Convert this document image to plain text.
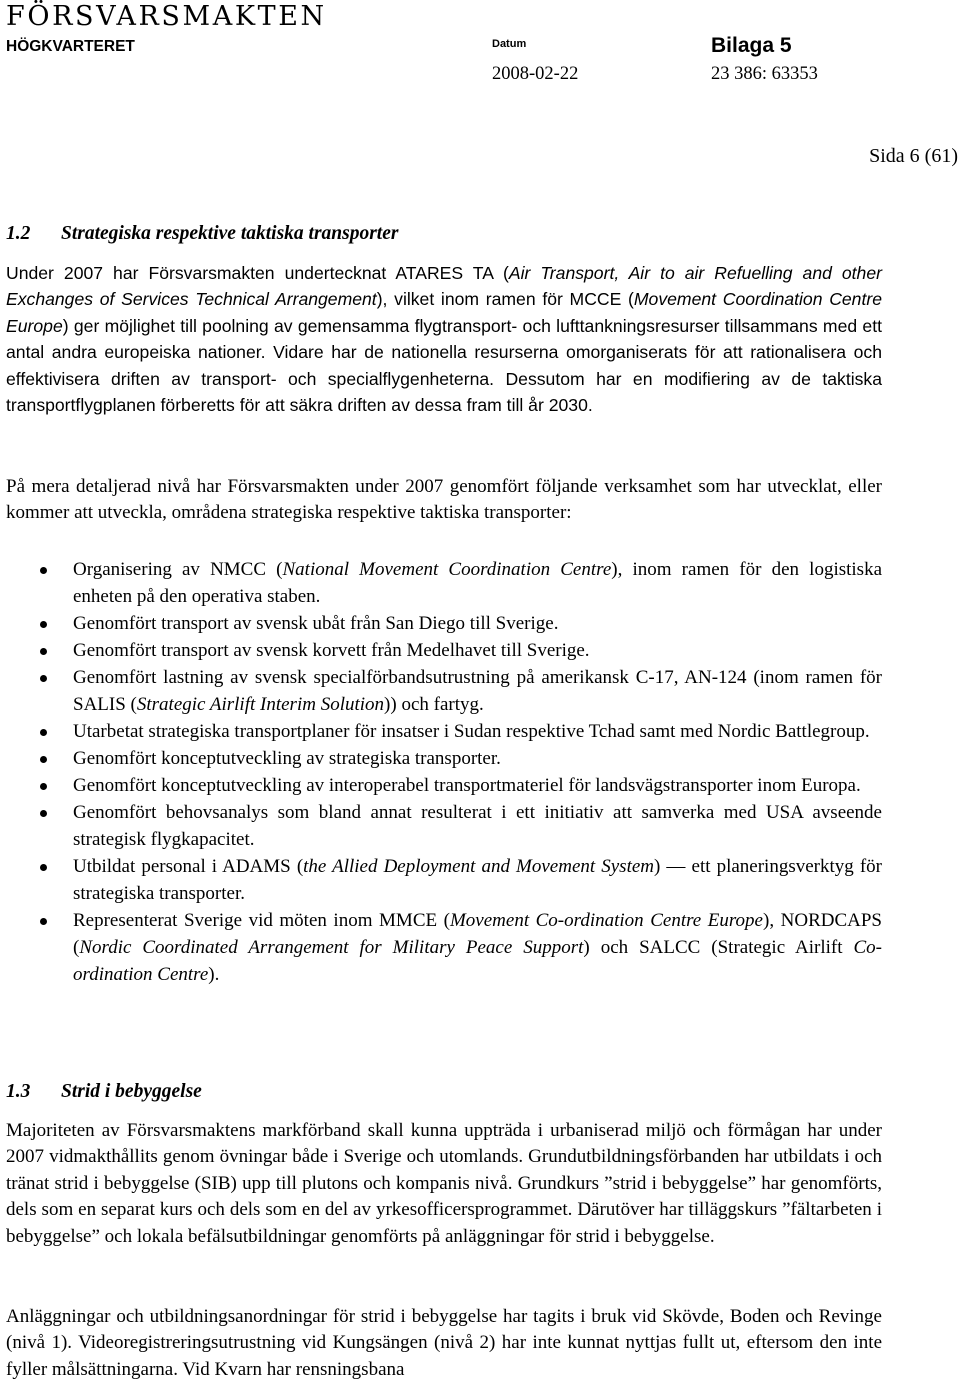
FÖRSVARSMAKTEN
HÖGKVARTERET	Datum	Bilaga 5
2008-02-22	23 386: 63353
Sida 6 (61)
1.2 Strategiska respektive taktiska transporter

Under 2007 har Försvarsmakten undertecknat ATARES TA (Air Transport, Air to air Refuelling and other Exchanges of Services Technical Arrangement), vilket inom ramen för MCCE (Movement Coordination Centre Europe) ger möjlighet till poolning av gemensamma flygtransport- och lufttankningsresurser tillsammans med ett antal andra europeiska nationer. Vidare har de nationella resurserna omorganiserats för att rationalisera och effektivisera driften av transport- och specialflygenheterna. Dessutom har en modifiering av de taktiska transportflygplanen förberetts för att säkra driften av dessa fram till år 2030.

På mera detaljerad nivå har Försvarsmakten under 2007 genomfört följande verksamhet som har utvecklat, eller kommer att utveckla, områdena strategiska respektive taktiska transporter:

Organisering av NMCC (National Movement Coordination Centre), inom ramen för den logistiska enheten på den operativa staben.
Genomfört transport av svensk ubåt från San Diego till Sverige.
Genomfört transport av svensk korvett från Medelhavet till Sverige.
Genomfört lastning av svensk specialförbandsutrustning på amerikansk C-17, AN-124 (inom ramen för SALIS (Strategic Airlift Interim Solution)) och fartyg.
Utarbetat strategiska transportplaner för insatser i Sudan respektive Tchad samt med Nordic Battlegroup.
Genomfört konceptutveckling av strategiska transporter.
Genomfört konceptutveckling av interoperabel transportmateriel för landsvägstransporter inom Europa.
Genomfört behovsanalys som bland annat resulterat i ett initiativ att samverka med USA avseende strategisk flygkapacitet.
Utbildat personal i ADAMS (the Allied Deployment and Movement System) — ett planeringsverktyg för strategiska transporter.
Representerat Sverige vid möten inom MMCE (Movement Co-ordination Centre Europe), NORDCAPS (Nordic Coordinated Arrangement for Military Peace Support) och SALCC (Strategic Airlift Co-ordination Centre).
1.3 Strid i bebyggelse

Majoriteten av Försvarsmaktens markförband skall kunna uppträda i urbaniserad miljö och förmågan har under 2007 vidmakthållits genom övningar både i Sverige och utomlands. Grundutbildningsförbanden har utbildats i och tränat strid i bebyggelse (SIB) upp till plutons och kompanis nivå. Grundkurs ”strid i bebyggelse” har genomförts, dels som en separat kurs och dels som en del av yrkesofficersprogrammet. Därutöver har tilläggskurs ”fältarbeten i bebyggelse” och lokala befälsutbildningar genomförts på anläggningar för strid i bebyggelse.

Anläggningar och utbildningsanordningar för strid i bebyggelse har tagits i bruk vid Skövde, Boden och Revinge (nivå 1). Videoregistreringsutrustning vid Kungsängen (nivå 2) har inte kunnat nyttjas fullt ut, eftersom den inte fyller målsättningarna. Vid Kvarn har rensningsbana
